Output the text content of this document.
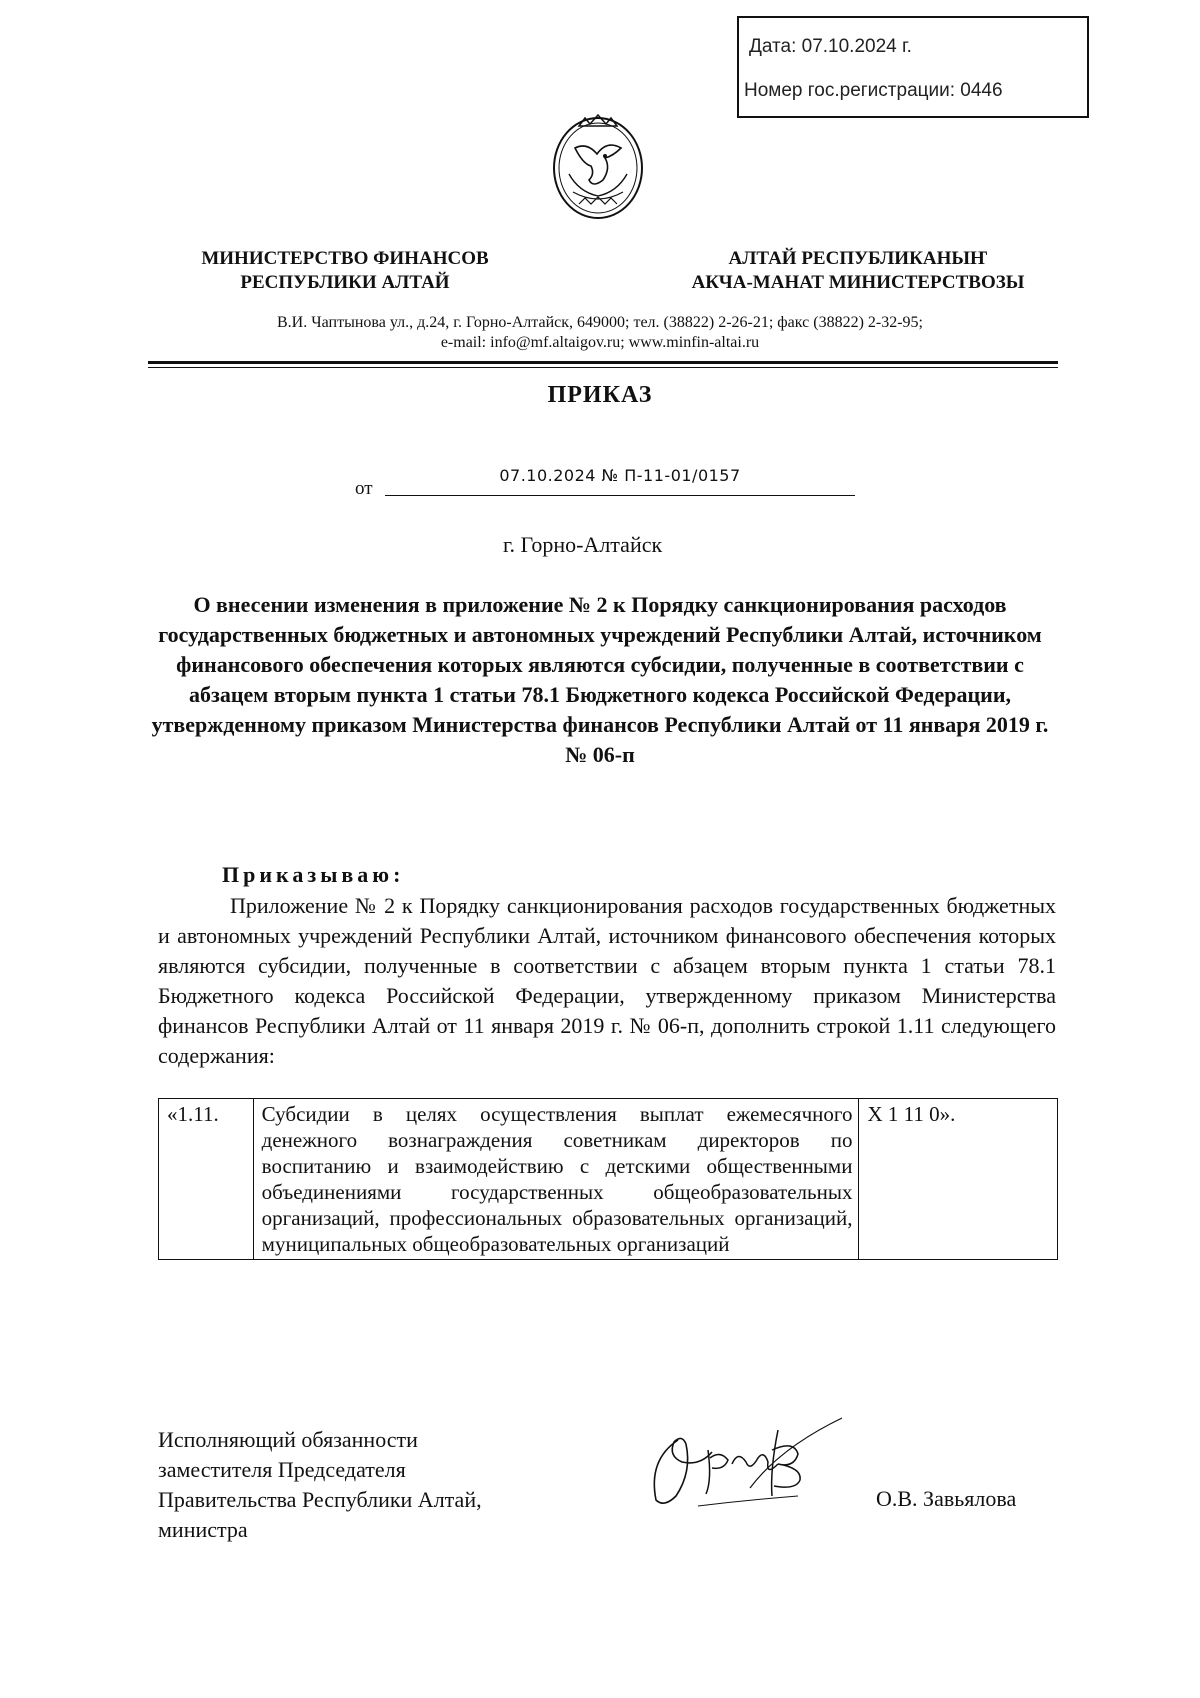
Дата: 07.10.2024 г.
Номер гос.регистрации: 0446
МИНИСТЕРСТВО ФИНАНСОВ
РЕСПУБЛИКИ АЛТАЙ
АЛТАЙ РЕСПУБЛИКАНЫҤ
АКЧА-МАНАТ МИНИСТЕРСТВОЗЫ
В.И. Чаптынова ул., д.24, г. Горно-Алтайск, 649000; тел. (38822) 2-26-21; факс (38822) 2-32-95;
e-mail: info@mf.altaigov.ru; www.minfin-altai.ru
ПРИКАЗ
от
07.10.2024 № П-11-01/0157
г. Горно-Алтайск
О внесении изменения в приложение № 2 к Порядку санкционирования расходов государственных бюджетных и автономных учреждений Республики Алтай, источником финансового обеспечения которых являются субсидии, полученные в соответствии с абзацем вторым пункта 1 статьи 78.1 Бюджетного кодекса Российской Федерации, утвержденному приказом Министерства финансов Республики Алтай от 11 января 2019 г. № 06-п
Приказываю:
Приложение № 2 к Порядку санкционирования расходов государственных бюджетных и автономных учреждений Республики Алтай, источником финансового обеспечения которых являются субсидии, полученные в соответствии с абзацем вторым пункта 1 статьи 78.1 Бюджетного кодекса Российской Федерации, утвержденному приказом Министерства финансов Республики Алтай от 11 января 2019 г. № 06-п, дополнить строкой 1.11 следующего содержания:
«1.11.	Субсидии в целях осуществления выплат ежемесячного денежного вознаграждения советникам директоров по воспитанию и взаимодействию с детскими общественными объединениями государственных общеобразовательных организаций, профессиональных образовательных организаций, муниципальных общеобразовательных организаций	Х 1 11 0».
Исполняющий обязанности
заместителя Председателя
Правительства Республики Алтай,
министра
О.В. Завьялова
